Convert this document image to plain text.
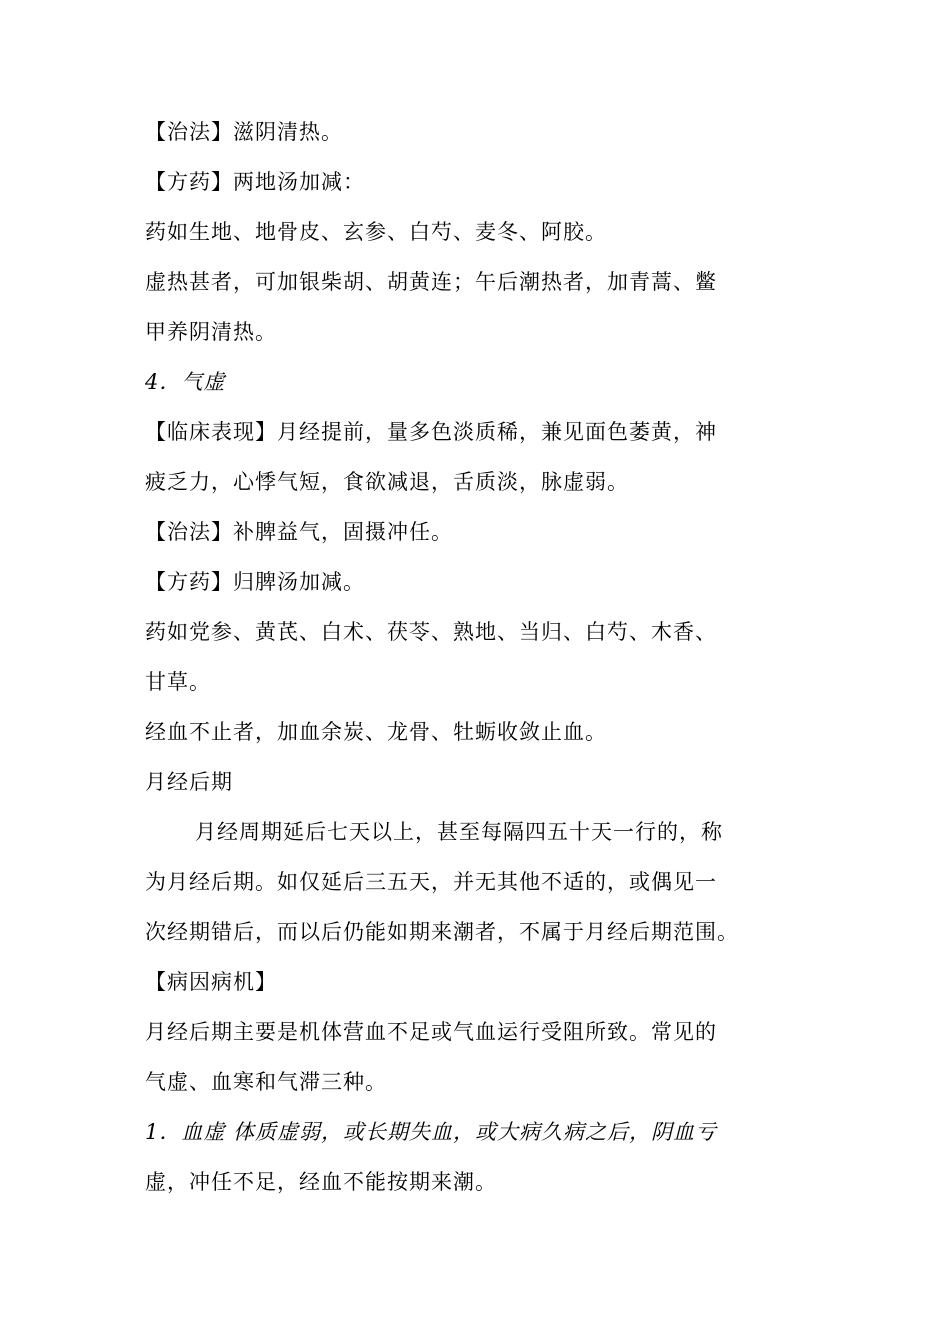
【治法】滋阴清热。
【方药】两地汤加减：
药如生地、地骨皮、玄参、白芍、麦冬、阿胶。
虚热甚者，可加银柴胡、胡黄连；午后潮热者，加青蒿、鳖
甲养阴清热。
4．气虚
【临床表现】月经提前，量多色淡质稀，兼见面色萎黄，神
疲乏力，心悸气短，食欲减退，舌质淡，脉虚弱。
【治法】补脾益气，固摄冲任。
【方药】归脾汤加减。
药如党参、黄芪、白术、茯苓、熟地、当归、白芍、木香、
甘草。
经血不止者，加血余炭、龙骨、牡蛎收敛止血。
月经后期
月经周期延后七天以上，甚至每隔四五十天一行的，称
为月经后期。如仅延后三五天，并无其他不适的，或偶见一
次经期错后，而以后仍能如期来潮者，不属于月经后期范围。
【病因病机】
月经后期主要是机体营血不足或气血运行受阻所致。常见的
气虚、血寒和气滞三种。
1．血虚 体质虚弱，或长期失血，或大病久病之后，阴血亏
虚，冲任不足，经血不能按期来潮。
